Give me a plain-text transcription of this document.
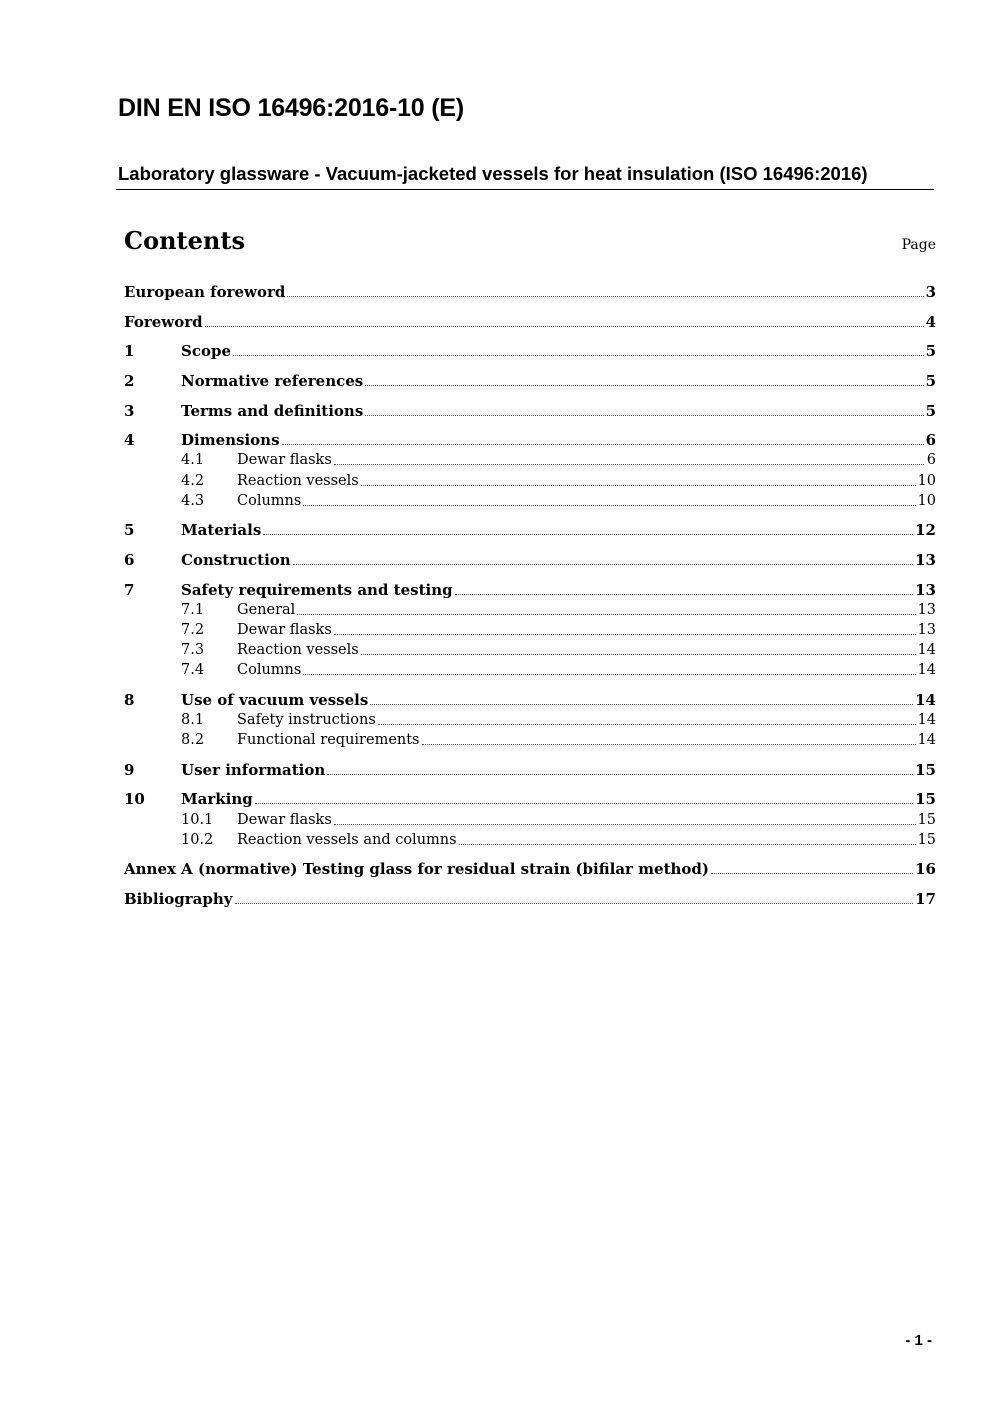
DIN EN ISO 16496:2016-10 (E)
Laboratory glassware - Vacuum-jacketed vessels for heat insulation (ISO 16496:2016)
Contents	Page
European foreword	3
Foreword	4
1	Scope	5
2	Normative references	5
3	Terms and definitions	5
4	Dimensions	6
4.1	Dewar flasks	6
4.2	Reaction vessels	10
4.3	Columns	10
5	Materials	12
6	Construction	13
7	Safety requirements and testing	13
7.1	General	13
7.2	Dewar flasks	13
7.3	Reaction vessels	14
7.4	Columns	14
8	Use of vacuum vessels	14
8.1	Safety instructions	14
8.2	Functional requirements	14
9	User information	15
10	Marking	15
10.1	Dewar flasks	15
10.2	Reaction vessels and columns	15
Annex A (normative) Testing glass for residual strain (bifilar method)	16
Bibliography	17
- 1 -
